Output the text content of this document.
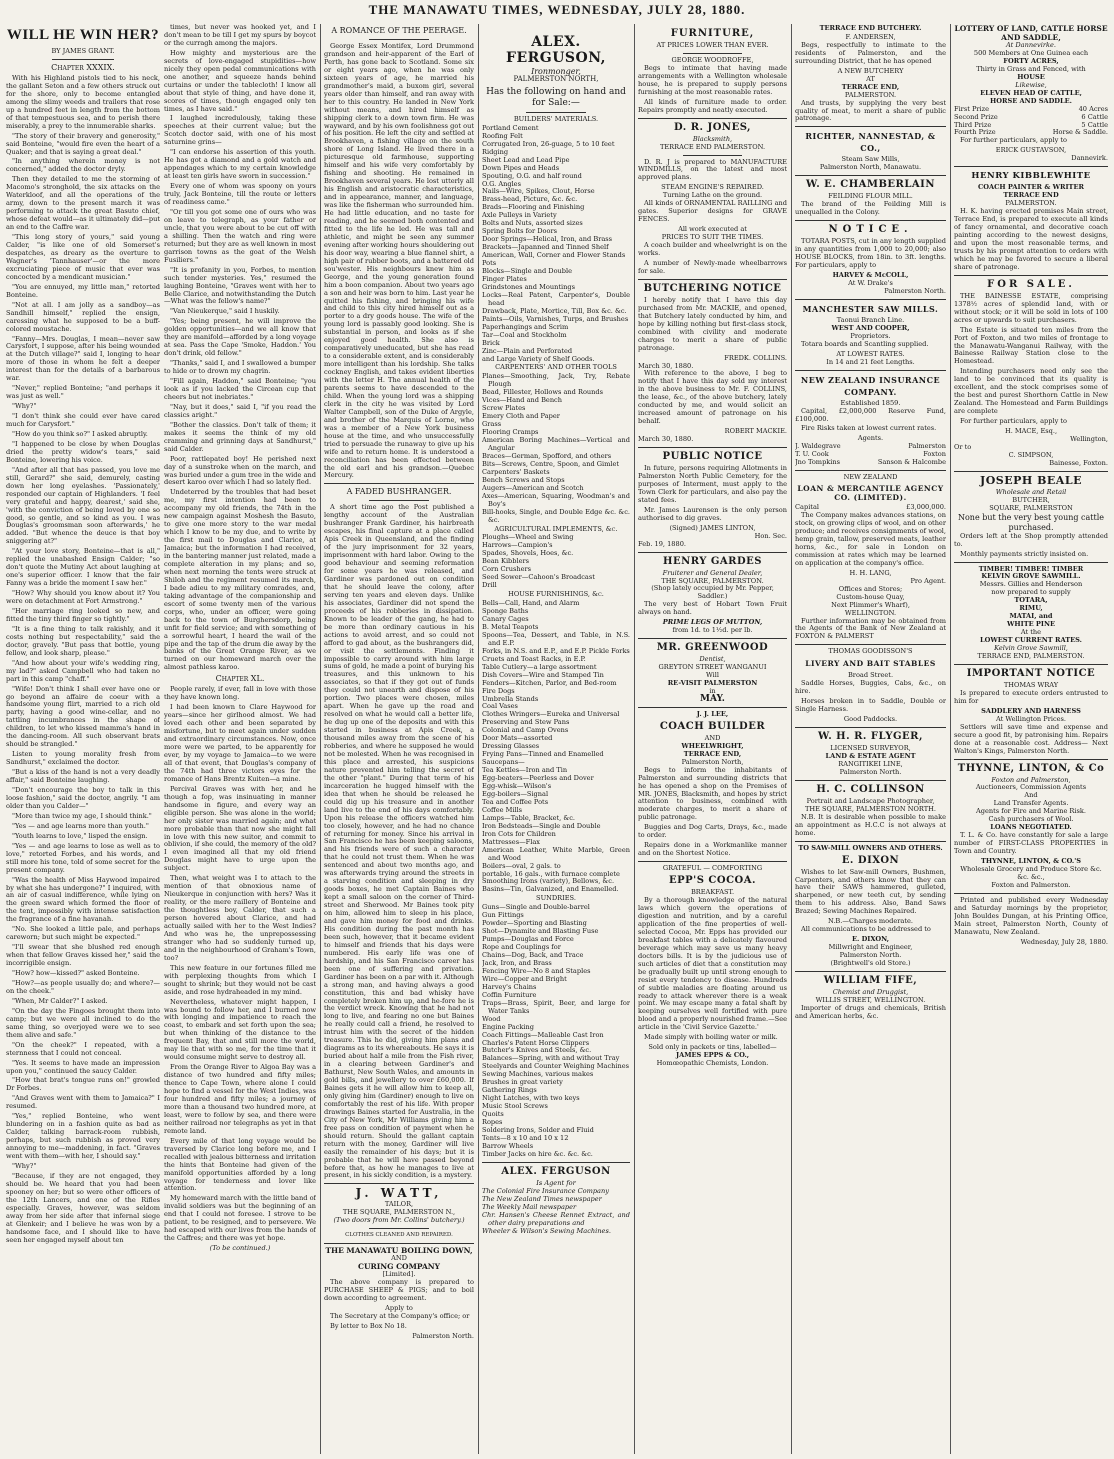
THE MANAWATU TIMES, WEDNESDAY, JULY 28, 1880.
WILL HE WIN HER?
BY JAMES GRANT.
Chapter XXXIX.

With his Highland pistols tied to his neck, the gallant Seton and a few others struck out for the shore, only to become entangled among the slimy weeds and trailers that rose up a hundred feet in length from the bottom of that tempestuous sea, and to perish there miserably, a prey to the innumerable sharks.

"The story of their bravery and generosity," said Bonteine, "would fire even the heart of a Quaker; and that is saying a great deal."

"In anything wherein money is not concerned," added the doctor dryly.

Then they detailed to me the storming of Macomo's stronghold, the six attacks on the Waterkloof, and all the operations of the army, down to the present march it was performing to attack the great Basuto chief, whose defeat would—as it ultimately did—put an end to the Caffre war.

"This long story of yours," said young Calder, "is like one of old Somerset's despatches, as dreary as the overture to Wagner's 'Tannhauser'—or the more excruciating piece of music that ever was concocted by a mendicant musician."

"You are ennuyed, my little man," retorted Bonteine.

"Not at all. I am jolly as a sandboy—as Sandhill himself," replied the ensign, caressing what he supposed to be a buff-colored moustache.

"Fanny—Mrs. Douglas, I mean—never saw Carysfort, I suppose, after his being wounded at the Dutch village?" said I, longing to hear more of those in whom he felt a deeper interest than for the details of a barbarous war.

"Never," replied Bonteine; "and perhaps it was just as well."

"Why?"

"I don't think she could ever have cared much for Carysfort."

"How do you think so?" I asked abruptly.

"I happened to be close by when Douglas dried the pretty widow's tears," said Bonteine, lowering his voice.

"And after all that has passed, you love me still, Gerard?" she said, demurely, casting down her long eyelashes. 'Passionately,' responded our captain of Highlanders. 'I feel very grateful and happy, dearest,' said she, 'with the conviction of being loved by one so good, so gentle, and so kind as you. I was Douglas's groomsman soon afterwards,' he added. "But whence the deuce is that boy sniggering at?"

"At your love story, Bonteine—that is all," replied the unabashed Ensign Calder; "so don't quote the Mutiny Act about laughing at one's superior officer. I know that the fair Fanny was a bride the moment I saw her."

"How? Why should you know about it? You were on detachment at Fort Armstrong."

"Her marriage ring looked so new, and fitted the tiny third finger so tightly."

"It is a fine thing to talk rakishly, and it costs nothing but respectability," said the doctor, gravely. "But pass that bottle, young fellow, and look sharp, please."

"And how about your wife's wedding ring, my lad?" asked Campbell who had taken no part in this camp "chaff."

"Wife! Don't think I shall ever have one or go beyond an affaire de coeur with a handsome young flirt, married to a rich old party, having a good wine-cellar, and no tattling incumbrances in the shape of children, to let who kissed mamma's hand in the dancing-room. All such observant brats should be strangled."

Listen to young morality fresh from Sandhurst," exclaimed the doctor.

"But a kiss of the hand is not a very deadly affair," said Bonteine laughing.

"Don't encourage the boy to talk in this loose fashion," said the doctor, angrily. "I am older than you Calder—"

"More than twice my age, I should think."

"Yes — and age learns more than youth."

"Youth learns to love," lisped the ensign.

"Yes — and age learns to lose as well as to love," retorted Forbes, and his words, and still more his tone, told of some secret for the present company.

"Was the health of Miss Haywood impaired by what she has undergone?" I inquired, with an air of casual indifference, while lying on the green sward which formed the floor of the tent, impossibly with intense satisfaction the fragrance of a fine havanah.

"No. She looked a little pale, and perhaps careworn; but such might be expected."

"I'll swear that she blushed red enough when that fellow Graves kissed her," said the incorrigible ensign.

"How? how—kissed?" asked Bonteine.

"How?—as people usually do; and where?—on the cheek."

"When, Mr Calder?" I asked.

"On the day the Fingoes brought them into camp; but we were all inclined to do the same thing, so overjoyed were we to see them alive and safe."

"On the cheek?" I repeated, with a sternness that I could not conceal.

"Yes. It seems to have made an impression upon you," continued the saucy Calder.

"How that brat's tongue runs on!" growled Dr Forbes.

"And Graves went with them to Jamaica?" I resumed.

"Yes," replied Bonteine, who went blundering on in a fashion quite as bad as Calder, talking barrack-room rubbish, perhaps, but such rubbish as proved very annoying to me—maddening, in fact. "Graves went with them—with her, I should say."

"Why?"

"Because, if they are not engaged, they should be. We heard that you had been spooney on her; but so were other officers of the 12th Lancers, and one of the Rifles especially. Graves, however, was seldom away from her side after that infernal siege at Glenkeir; and I believe he was won by a handsome face, and I should like to have seen her engaged myself about ten

times, but never was hooked yet, and I don't mean to be till I get my spurs by boycot or the curragh among the majors.

How mighty and mysterious are the secrets of love-engaged stupidities—how nicely they open pedal communications with one another, and squeeze hands behind curtains or under the tablecloth! I know all about that style of thing, and have done it, scores of times, though engaged only ten times, as I have said."

I laughed incredulously, taking these speeches at their current value; but the Scotch doctor said, with one of his most saturnine grins—

"I can endorse his assertion of this youth. He has got a diamond and a gold watch and appendages which to my certain knowledge at least ten girls have sworn in succession."

Every one of whom was spoony on yours truly, Jack Bonteine, till the route or letters of readiness came."

"Or till you got some one of ours who was on leave to telegraph, as your father or uncle, that you were about to be cut off with a shilling. Then the watch and ring were returned; but they are as well known in most garrison towns as the goat of the Welsh Fusiliers."

"It is profanity in you, Forbes, to mention such tender mysteries. Yes," resumed the laughing Bonteine, "Graves went with her to Belle Clarice, and notwithstanding the Dutch—What was the fellow's name?"

"Van Nieukerque," said I huskily.

"Yes; being present, he will improve the golden opportunities—and we all know that they are manifold—afforded by a long voyage at sea. Pass the Cape 'Smoke, Haddon.' You don't drink, old fellow."

"Thanks," said I, and I swallowed a bumper to hide or to drown my chagrin.

"Fill again, Haddon," said Bonteine; "you look as if you lacked the Circean cup that cheers but not inebriates."

"Nay, but it does," said I, "if you read the classics aright."

"Bother the classics. Don't talk of them; it makes it seems the think of my old cramming and grinning days at Sandhurst," said Calder.

Poor, rattlepated boy! He perished next day of a sunstroke when on the march, and was buried under a gum tree in the wide and desert karoo over which I had so lately fled.

Undeterred by the troubles that had beset me, my first intention had been to accompany my old friends, the 74th in the new campaign against Moshesh the Basuto, to give one more story to the war medal which I know to be my due, and to write by the first mail to Douglas and Clarice, at Jamaica; but the information I had received, in the bantering manner just related, made a complete alteration in my plans; and so, when next morning the tents were struck at Shiloh and the regiment resumed its march, I bade adieu to my military comrades, and, taking advantage of the companionship and escort of some twenty men of the various corps, who, under an officer, were going back to the town of Burghersdorp, being unfit for field service; and with something of a sorrowful heart, I heard the wail of the pipe and the tap of the drum die away by the banks of the Great Orange River, as we turned on our homeward march over the almost pathless karoo.

Chapter XL.

People rarely, if ever, fall in love with those they have known long.

I had been known to Clare Haywood for years—since her girlhood almost. We had loved each other and been separated by misfortune, but to meet again under sudden and extraordinary circumstances. Now, once more were we parted, to be apparently for ever, by my voyage to Jamaica—to we were all of that event, that Douglas's company of the 74th had three victors eyes for the romance of Hans Brentz Kuiten—a mine.

Percival Graves was with her, and he though a fop, was insinuating in manner handsome in figure, and every way an eligible person. She was alone in the world; her only sister was married again; and what more probable than that now she might fall in love with this new suitor, and commit to oblivion, if she could, the memory of the old? I even imagined all that my old friend Douglas might have to urge upon the subject.

Then, what weight was I to attach to the mention of that obnoxious name of Nieukerque in conjunction with hers? Was it reality, or the mere raillery of Bonteine and the thoughtless boy, Calder, that such a person hovered about Clarice, and had actually sailed with her to the West Indies? And who was he, the unprepossessing stranger who had so suddenly turned up, and in the neighbourhood of Graham's Town, too?

This new feature in our fortunes filled me with perplexing thoughts from which I sought to shrink; but they would not be cast aside, and rose hydraheaded in my mind.

Nevertheless, whatever might happen, I was bound to follow her, and I burned now with longing and impatience to reach the coast, to embark and set forth upon the sea; but when thinking of the distance to the frequent Bay, that and still more the world, may lie that with so me, for the time that it would consume might serve to destroy all.

From the Orange River to Algoa Bay was a distance of two hundred and fifty miles; thence to Cape Town, where alone I could hope to find a vessel for the West Indies, was four hundred and fifty miles; a journey of more than a thousand two hundred more, at least, were to follow by sea, and there were neither railroad nor telegraphs as yet in that remote land.

Every mile of that long voyage would be traversed by Clarice long before me, and I recalled with jealous bitterness and irritation the hints that Bonteine had given of the manifold opportunities afforded by a long voyage for tenderness and lover like attention.

My homeward march with the little band of invalid soldiers was but the beginning of an end that I could not foresee. I strove to be patient, to be resigned, and to persevere. We had escaped with our lives from the hands of the Caffres; and there was yet hope.

(To be continued.)
A ROMANCE OF THE PEERAGE.

George Essex Montifex, Lord Drummond grandson and heir-apparent of the Earl of Perth, has gone back to Scotland. Some six or eight years ago, when he was only sixteen years of age, he married his grandmother's maid, a buxom girl, several years older than himself, and ran away with her to this country. He landed in New York without means, and hired himself as shipping clerk to a down town firm. He was wayward, and by his own foolishness got out of his position. He left the city and settled at Brookhaven, a fishing village on the south shore of Long Island. He lived there in a picturesque old farmhouse, supporting himself and his wife very comfortably by fishing and shooting. He remained in Brookhaven several years. He lost utterly all his English and aristocratic characteristics, and in appearance, manner, and language, was like the fisherman who surrounded him. He had little education, and no taste for reading, and he seemed both contented and fitted to the life he led. He was tall and athletic, and might be seen any summer evening after working hours shouldering out his door way, wearing a blue flannel shirt, a high pair of rubber boots, and a battered old sou'wester. His neighbours knew him as George, and the young generation found him a boon companion. About two years ago a son and heir was born to him. Last year he quitted his fishing, and bringing his wife and child to this city hired himself out as a porter to a dry goods house. The wife of the young lord is passably good looking. She is substantial in person, and looks as if she enjoyed good health. She also is comparatively uneducated, but she has read to a considerable extent, and is considerably more intelligent than his lordship. She talks cockney English, and takes evident liberties with the letter H. The annual health of the parents seems to have descended to the child. When the young lord was a shipping clerk in the city he was visited by Lord Walter Campbell, son of the Duke of Argyle, and brother of the Marquis of Lorne, who was a member of a New York business house at the time, and who unsuccessfully tried to persuade the runaway to give up his wife and to return home. It is understood a reconciliation has been effected between the old earl and his grandson.—Quebec Mercury.

A FADED BUSHRANGER.

A short time ago the Post published a lengthy account of the Australian bushranger Frank Gardiner, his hairbreath escapes, his final capture at a place called Apis Creek in Queensland, and the finding of the jury imprisonment for 32 years, imprisonment with hard labor. Owing to the good behaviour and seeming reformation for some years he was released, and Gardiner was pardoned out on condition that he should leave the colony, after serving ten years and eleven days. Unlike his associates, Gardiner did not spend the proceeds of his robberies in dissipation. Known to be leader of the gang, he had to be more than ordinary cautious in his actions to avoid arrest, and so could not afford to gad about, as the bushrangers did, or visit the settlements. Finding it impossible to carry around with him large sums of gold, he made a point of burying his treasures, and this unknown to his associates, so that if they got out of funds they could not unearth and dispose of his portion. Two places were chosen, miles apart. When he gave up the road and resolved on what he would call a better life, he dug up one of the deposits and with this started in business at Apis Creek, a thousand miles away from the scene of his robberies, and where he supposed he would not be molested. When he was recognised in this place and arrested, his suspicions nature prevented him telling the secret of the other "plant." During that term of his incarceration he hugged himself with the idea that when he should be released he could dig up his treasure and in another land live to the end of his days comfortably. Upon his release the officers watched him too closely, however, and he had no chance of returning for money. Since his arrival in San Francisco he has been keeping saloons, and his friends were of such a character that he could not trust them. When he was sentenced and about two months ago, and was afterwards trying around the streets in a starving condition and sleeping in dry goods boxes, he met Captain Baines who kept a small saloon on the corner of Third-street and Sherwood. Mr Baines took pity on him, allowed him to sleep in his place, and gave him money for food and drinks. His condition during the past month has been such, however, that it became evident to himself and friends that his days were numbered. His early life was one of hardship, and his San Francisco career has been one of suffering and privation. Gardiner has been on a par with it. Although a strong man, and having always a good constitution, this and bad whisky have completely broken him up, and he-fore he is the verdict wreck. Knowing that he had not long to live, and fearing no one but Baines he really could call a friend, he resolved to intrust him with the secret of the hidden treasure. This he did, giving him plans and diagrams as to its whereabouts. He says it is buried about half a mile from the Fish river, in a clearing between Gardiner's and Bathurst, New South Wales, and amounts in gold bills, and jewellery to over £60,000. If Baines gets it he will allow him to keep all, only giving him (Gardiner) enough to live on comfortably the rest of his life. With proper drawings Baines started for Australia, in the City of New York, Mr Williams giving him a free pass on condition of payment when he should return. Should the gallant captain return with the money, Gardiner will live easily the remainder of his days; but it is probable that he will have passed beyond before that, as how he manages to live at present, in his sickly condition, is a mystery.

J. WATT,
TAILOR,
THE SQUARE, PALMERSTON N.,
(Two doors from Mr. Collins' butchery.)
CLOTHES CLEANED AND REPAIRED.
THE MANAWATU BOILING DOWN,
AND
CURING COMPANY
[Limited].

The above company is prepared to PURCHASE SHEEP & PIGS; and to boil down according to agreement.

Apply to

The Secretary at the Company's office; or

By letter to Box No 18.

Palmerston North.
ALEX. FERGUSON,
Ironmonger,
PALMERSTON NORTH,
Has the following on hand and for Sale:—
BUILDERS' MATERIALS.
Portland Cement
Roofing Felt
Corrugated Iron, 26-guage, 5 to 10 feet
Ridging
Sheet Lead and Lead Pipe
Down Pipes and Heads
Spouting, O.G. and half round
O.G. Angles
Nails—Wire, Spikes, Clout, Horse
Brass-head, Picture, &c. &c.
Brads—Flooring and Finishing
Axle Pulleys in Variety
Bolts and Nuts, assorted sizes
Spring Bolts for Doors
Door Springs—Helical, Iron, and Brass
Brackets—Japanned and Tinned Shelf
American, Wall, Corner and Flower Stands
Pots
Blocks—Single and Double
Finger Plates
Grindstones and Mountings
Locks—Real Patent, Carpenter's, Double head
Drawback, Plate, Mortice, Till, Box &c. &c.
Paints—Oils, Varnishes, Turps, and Brushes
Paperhangings and Scrim
Tar—Coal and Stockholm
Brick
Zinc—Plain and Perforated
and Large Variety of Shelf Goods.
CARPENTERS' AND OTHER TOOLS
Planes—Smoothing, Jack, Try, Rebate Plough
Bead, Fillester, Hollows and Rounds
Vices—Hand and Bench
Screw Plates
Emery Cloth and Paper
Grass
Flooring Cramps
American Boring Machines—Vertical and Angular
Braces—German, Spofford, and others
Bits—Screws, Centre, Spoon, and Gimlet
Carpenters' Baskets
Bench Screws and Stops
Augers—American and Scotch
Axes—American, Squaring, Woodman's and Boy's
Bill-hooks, Single, and Double Edge &c. &c. &c.
AGRICULTURAL IMPLEMENTS, &c.
Ploughs—Wheel and Swing
Harrows—Campion's
Spades, Shovels, Hoes, &c.
Bean Kibblers
Corn Crushers
Seed Sower—Cahoon's Broadcast
Drill
HOUSE FURNISHINGS, &c.
Bells—Call, Hand, and Alarm
Sponge Baths
Canary Cages
B. Metal Teapots
Spoons—Tea, Dessert, and Table, in N.S. and E.P.
Forks, in N.S. and E.P., and E.P. Pickle Forks
Cruets and Toast Racks, in E.P.
Table Cutlery—a large assortment
Dish Covers—Wire and Stamped Tin
Fenders—Kitchen, Parlor, and Bed-room
Fire Dogs
Umbrella Stands
Coal Vases
Clothes Wringers—Eureka and Universal
Preserving and Stew Pans
Colonial and Camp Ovens
Door Mats—assorted
Dressing Glasses
Frying Pans—Tinned and Enamelled
Saucepans—
Tea Kettles—Iron and Tin
Egg-beaters—Peerless and Dover
Egg-whisk—Wilson's
Egg-boilers—Signal
Tea and Coffee Pots
Coffee Mills
Lamps—Table, Bracket, &c.
Iron Bedsteads—Single and Double
Iron Cots for Children
Mattresses—Flax
American Leather, White Marble, Green and Wood
Boilers—oval, 2 gals. to
portable, 16 gals., with furnace complete
Smoothing Irons (variety), Bellows, &c.
Basins—Tin, Galvanized, and Enamelled.
SUNDRIES.
Guns—Single and Double-barrel
Gun Fittings
Powder—Sporting and Blasting
Shot—Dynamite and Blasting Fuse
Pumps—Douglas and Force
Rope and Couplings for
Chains—Dog, Back, and Trace
Jack, Iron, and Brass
Fencing Wire—No 8 and Staples
Wire—Copper and Bright
Harvey's Chains
Coffin Furniture
Traps—Brass, Spirit, Beer, and large for Water Tanks
Wood
Engine Packing
Coach Fittings—Malleable Cast Iron
Charles's Patent Horse Clippers
Butcher's Knives and Steels, &c.
Balances—Spring, with and without Tray
Steelyards and Counter Weighing Machines
Sewing Machines, various makes
Brushes in great variety
Gathering Rings
Night Latches, with two keys
Music Stool Screws
Quoits
Ropes
Soldering Irons, Solder and Fluid
Tents—8 x 10 and 10 x 12
Barrow Wheels
Timber Jacks on hire &c. &c. &c.
ALEX. FERGUSON
Is Agent for
The Colonial Fire Insurance Company
The New Zealand Times newspaper
The Weekly Mail newspaper
Chr. Hansen's Cheese Rennet Extract, and other dairy preparations and
Wheeler & Wilson's Sewing Machines.
FURNITURE,
AT PRICES LOWER THAN EVER.
GEORGE WOODROFFE,

Begs to intimate that having made arrangements with a Wellington wholesale house, he is prepared to supply persons furnishing at the most reasonable rates.

All kinds of furniture made to order. Repairs promptly and neatly executed.

D. R. JONES,
Blacksmith,
TERRACE END PALMERSTON.

D. R. J is prepared to MANUFACTURE WINDMILLS, on the latest and most approved plans.

STEAM ENGINE'S REPAIRED.
Turning Lathe on the ground.

All kinds of ORNAMENTAL RAILLING and gates. Superior designs for GRAVE FENCES.

All work executed at
PRICES TO SUIT THE TIMES.

A coach builder and wheelwright is on the works.

A number of Newly-made wheelbarrows for sale.

BUTCHERING NOTICE

I hereby notify that I have this day purchased from Mr. MACKIE, and opened, that Butchery lately conducted by him, and hope by killing nothing but first-class stock, combined with civility and moderate charges to merit a share of public patronage.

FREDK. COLLINS.
March 30, 1880.

With reference to the above, I beg to notify that I have this day sold my interest in the above business to Mr. F. COLLINS, the lease, &c., of the above butchery, lately conducted by me, and would solicit an increased amount of patronage on his behalf.

ROBERT MACKIE.
March 30, 1880.
PUBLIC NOTICE

In future, persons requiring Allotments in Palmerston North Public Cemetery, for the purposes of Interment, must apply to the Town Clerk for particulars, and also pay the stated fees.

Mr. James Laurensen is the only person authorised to dig graves.

(Signed) JAMES LINTON,
Hon. Sec.
Feb. 19, 1880.
HENRY GARDES
Fruiterer and General Dealer,
THE SQUARE, PALMERSTON.
(Shop lately occupied by Mr. Pepper, Saddler.)

The very best of Hobart Town Fruit always on hand.

PRIME LEGS OF MUTTON,
from 1d. to 1½d. per lb.
MR. GREENWOOD
Dentist,
GREYTON STREET WANGANUI
Will
RE-VISIT PALMERSTON
in
MAY.
J. J. LEE,
COACH BUILDER
AND
WHEELWRIGHT,
TERRACE END,
Palmerston North,

Begs to inform the inhabitants of Palmerston and surrounding districts that he has opened a shop on the Premises of MR. JONES, Blacksmith, and hopes by strict attention to business, combined with moderate charges, to merit a share of public patronage.

Buggies and Dog Carts, Drays, &c., made to order.

Repairs done in a Workmanlike manner and on the Shortest Notice.

GRATEFUL — COMFORTING
EPP'S COCOA.
BREAKFAST.

By a thorough knowledge of the natural laws which govern the operations of digestion and nutrition, and by a careful application of the fine properties of well-selected Cocoa, Mr. Epps has provided our breakfast tables with a delicately flavoured beverage which may save us many heavy doctors bills. It is by the judicious use of such articles of diet that a constitution may be gradually built up until strong enough to resist every tendency to disease. Hundreds of subtle maladies are floating around us ready to attack wherever there is a weak point. We may escape many a fatal shaft by keeping ourselves well fortified with pure blood and a properly nourished frame.—See article in the 'Civil Service Gazette.'

Made simply with boiling water or milk.

Sold only in packets or tins, labelled—
JAMES EPPS & CO.,
Homœopathic Chemists, London.
TERRACE END BUTCHERY.
F. ANDERSEN,

Begs, respectfully to intimate to the residents of Palmerston, and the surrounding District, that he has opened

A NEW BUTCHERY
AT
TERRACE END,
PALMERSTON.

And trusts, by supplying the very best quality of meat, to merit a share of public patronage.

RICHTER, NANNESTAD, & CO.,
Steam Saw Mills,
Palmerston North, Manawatu.
W. E. CHAMBERLAIN
FEILDING FLOUR MILL.

The brand of the Feilding Mill is unequalled in the Colony.

NOTICE.

TOTARA POSTS, cut in any length supplied in any quantities from 1,000 to 20,000; also HOUSE BLOCKS, from 18in. to 3ft. lengths. For particulars, apply to

HARVEY & McCOLL,
At W. Drake's
Palmerston North.
MANCHESTER SAW MILLS.
Taonui Branch Line.
WEST AND COOPER,
Proprietors.

Totara boards and Scantling supplied.

AT LOWEST RATES.
In 14 and 21 feet Lengths.
NEW ZEALAND INSURANCE COMPANY.
Established 1859.

Capital, £2,000,000 Reserve Fund, £100,000.

Fire Risks taken at lowest current rates.

Agents.
J. Waldegrave	Palmerston
T. U. Cook	Foxton
Jno Tompkins	Sanson & Halcombe
NEW ZEALAND
LOAN & MERCANTILE AGENCY CO. (LIMITED).
Capital	£3,000,000.

The Company makes advances stations, on stock, on growing clips of wool, and on other produce; and receives consignments of wool, hemp grain, tallow, preserved meats, leather horns, &c., for sale in London on commission at rates which may be learned on application at the company's office.

H. H. LANG,
Pro Agent.
Offices and Stores;
Custom-house Quay,
Next Plimmer's Wharf),
WELLINGTON.

Further information may be obtained from the Agents of the Bank of New Zealand at FOXTON & PALMERST

THOMAS GOODISSON'S
LIVERY AND BAIT STABLES
Broad Street.

Saddle Horses, Buggies, Cabs, &c., on hire.

Horses broken in to Saddle, Double or Single Harness.

Good Paddocks.
W. H. R. FLYGER,
LICENSED SURVEYOR,
LAND & ESTATE AGENT
RANGITIKEI LINE,
Palmerston North.
H. C. COLLINSON
Portrait and Landscape Photographer,
THE SQUARE, PALMERSTON NORTH.

N.B. It is desirable when possible to make an appointment as H.C.C is not always at home.

TO SAW-MILL OWNERS AND OTHERS.
E. DIXON

Wishes to let Saw-mill Owners, Bushmen, Carpenters, and others know that they can have their SAWS hammered, gulleted, sharpened, or new teeth cut, by sending them to his address. Also, Band Saws Brazed; Sewing Machines Repaired.

N.B.—Charges moderate.

All communications to be addressed to

E. DIXON,
Millwright and Engineer,
Palmerston North.
(Brightwell's old Store.)
WILLIAM FIFE,
Chemist and Druggist,
WILLIS STREET, WELLINGTON.

Importer of drugs and chemicals, British and American herbs, &c.

LOTTERY OF LAND, CATTLE HORSE AND SADDLE,
At Dannevirke.
500 Members at One Guinea each
FORTY ACRES,
Thirty in Grass and Fenced, with
HOUSE
Likewise,
ELEVEN HEAD OF CATTLE,
HORSE AND SADDLE.
First Prize	40 Acres
Second Prize	6 Cattle
Third Prize	5 Cattle
Fourth Prize	Horse & Saddle.

For further particulars, apply to

ERICK GUSTAVSON,
Dannevirk.
HENRY KIBBLEWHITE
COACH PAINTER & WRITER
TERRACE END
PALMERSTON.

H. K. having erected premises Main street, Terrace End, is prepared to execute all kinds of fancy ornamental, and decorative coach painting according to the newest designs, and upon the most reasonable terms, and trusts by his prompt attention to orders with which he may be favored to secure a liberal share of patronage.

FOR SALE.

THE BAINESSE ESTATE, comprising 1378½ acres of splendid land, with or without stock; or it will be sold in lots of 100 acres or upwards to suit purchasers.

The Estate is situated ten miles from the Port of Foxton, and two miles of frontage to the Manawatu-Wanganui Railway, with the Bainesse Railway Station close to the Homestead.

Intending purchasers need only see the land to be convinced that its quality is excellent, and the stock comprises some of the best and purest Shorthorn Cattle in New Zealand. The Homestead and Farm Buildings are complete

For further particulars, apply to

H. MACE, Esq.,
Wellington,
Or to
C. SIMPSON,
Bainesse, Foxton.
JOSEPH BEALE
Wholesale and Retail
BUTCHER,
SQUARE, PALMERSTON
None but the very best young cattle purchased.

Orders left at the Shop promptly attended to.

Monthly payments strictly insisted on.

TIMBER! TIMBER! TIMBER
KELVIN GROVE SAWMILL.
Messrs. Gillies and Henderson
now prepared to supply
TOTARA,
RIMU,
MATAI, and
WHITE PINE
At the
LOWEST CURRENT RATES.
Kelvin Grove Sawmill,
TERRACE END, PALMERSTON.
IMPORTANT NOTICE
THOMAS WRAY

Is prepared to execute orders entrusted to him for

SADDLERY AND HARNESS
At Wellington Prices.

Settlers will save time and expense and secure a good fit, by patronising him. Repairs done at a reasonable cost. Address— Next Walton's Kings, Palmerston North.

THYNNE, LINTON, & Co
Foxton and Palmerston,
Auctioneers, Commission Agents
And
Land Transfer Agents.
Agents for Fire and Marine Risk.
Cash purchasers of Wool.
LOANS NEGOTIATED.

T. L. & Co. have constantly for sale a large number of FIRST-CLASS PROPERTIES in Town and Country.

THYNNE, LINTON, & CO.'S
Wholesale Grocery and Produce Store &c. &c. &c.,
Foxton and Palmerston.

Printed and published every Wednesday and Saturday mornings by the proprietor, John Bouldes Dungan, at his Printing Office, Main street, Palmerston North, County of Manawatu, New Zealand.

Wednesday, July 28, 1880.
